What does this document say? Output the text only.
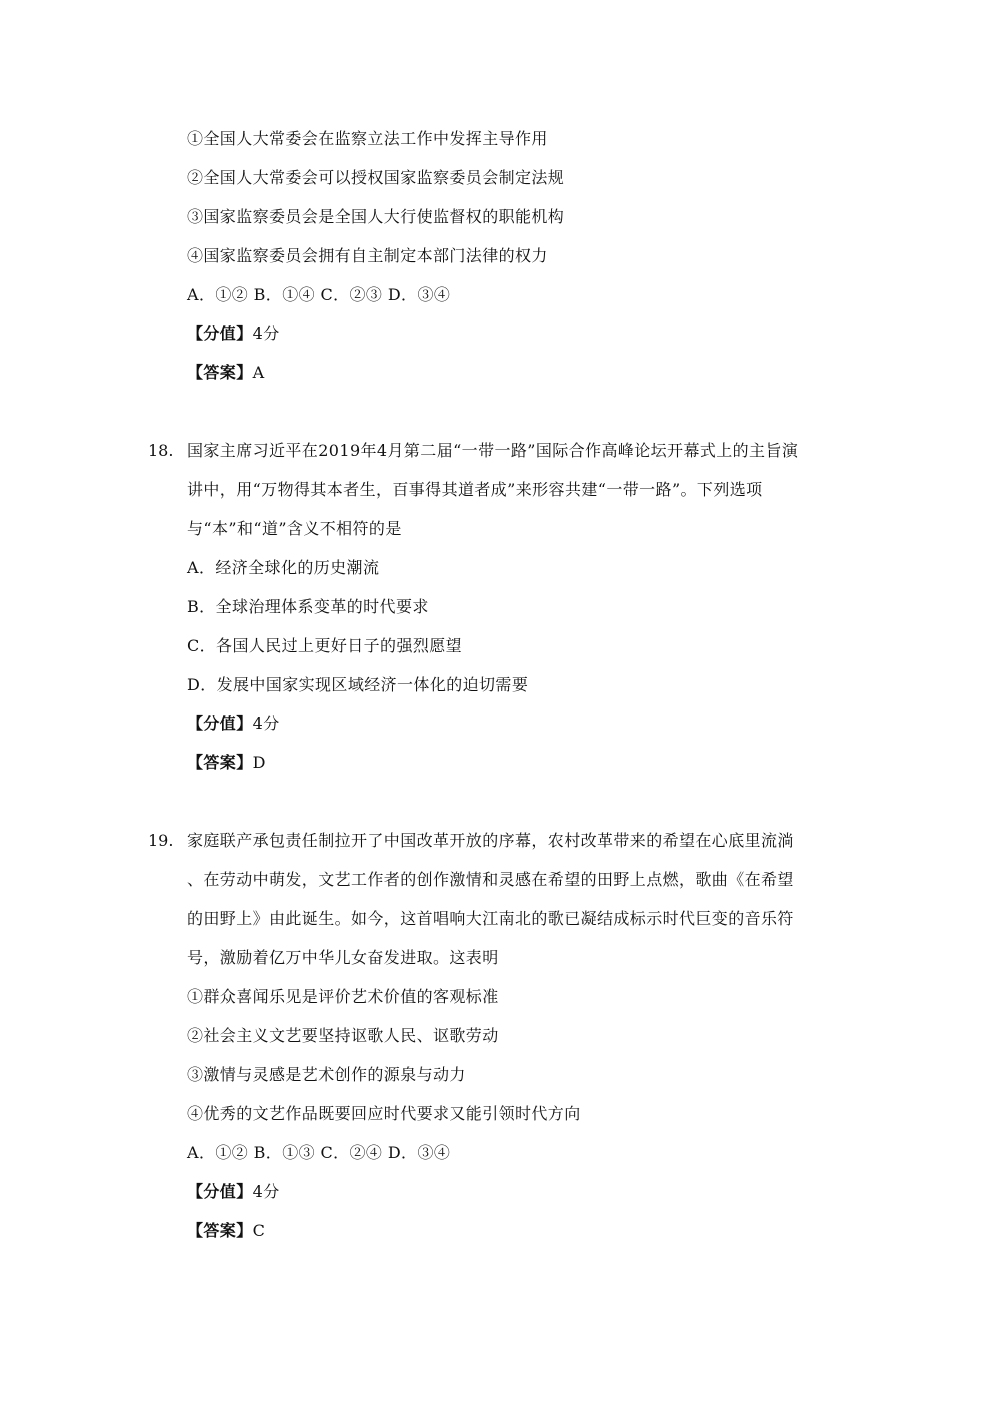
①全国人大常委会在监察立法工作中发挥主导作用
②全国人大常委会可以授权国家监察委员会制定法规
③国家监察委员会是全国人大行使监督权的职能机构
④国家监察委员会拥有自主制定本部门法律的权力
A．①② B．①④ C．②③ D．③④
【分值】4分
【答案】A
18. 国家主席习近平在2019年4月第二届“一带一路”国际合作高峰论坛开幕式上的主旨演
讲中，用“万物得其本者生，百事得其道者成”来形容共建“一带一路”。下列选项
与“本”和“道”含义不相符的是
A．经济全球化的历史潮流
B．全球治理体系变革的时代要求
C．各国人民过上更好日子的强烈愿望
D．发展中国家实现区域经济一体化的迫切需要
【分值】4分
【答案】D
19. 家庭联产承包责任制拉开了中国改革开放的序幕，农村改革带来的希望在心底里流淌
、在劳动中萌发，文艺工作者的创作激情和灵感在希望的田野上点燃，歌曲《在希望
的田野上》由此诞生。如今，这首唱响大江南北的歌已凝结成标示时代巨变的音乐符
号，激励着亿万中华儿女奋发进取。这表明
①群众喜闻乐见是评价艺术价值的客观标准
②社会主义文艺要坚持讴歌人民、讴歌劳动
③激情与灵感是艺术创作的源泉与动力
④优秀的文艺作品既要回应时代要求又能引领时代方向
A．①② B．①③ C．②④ D．③④
【分值】4分
【答案】C
